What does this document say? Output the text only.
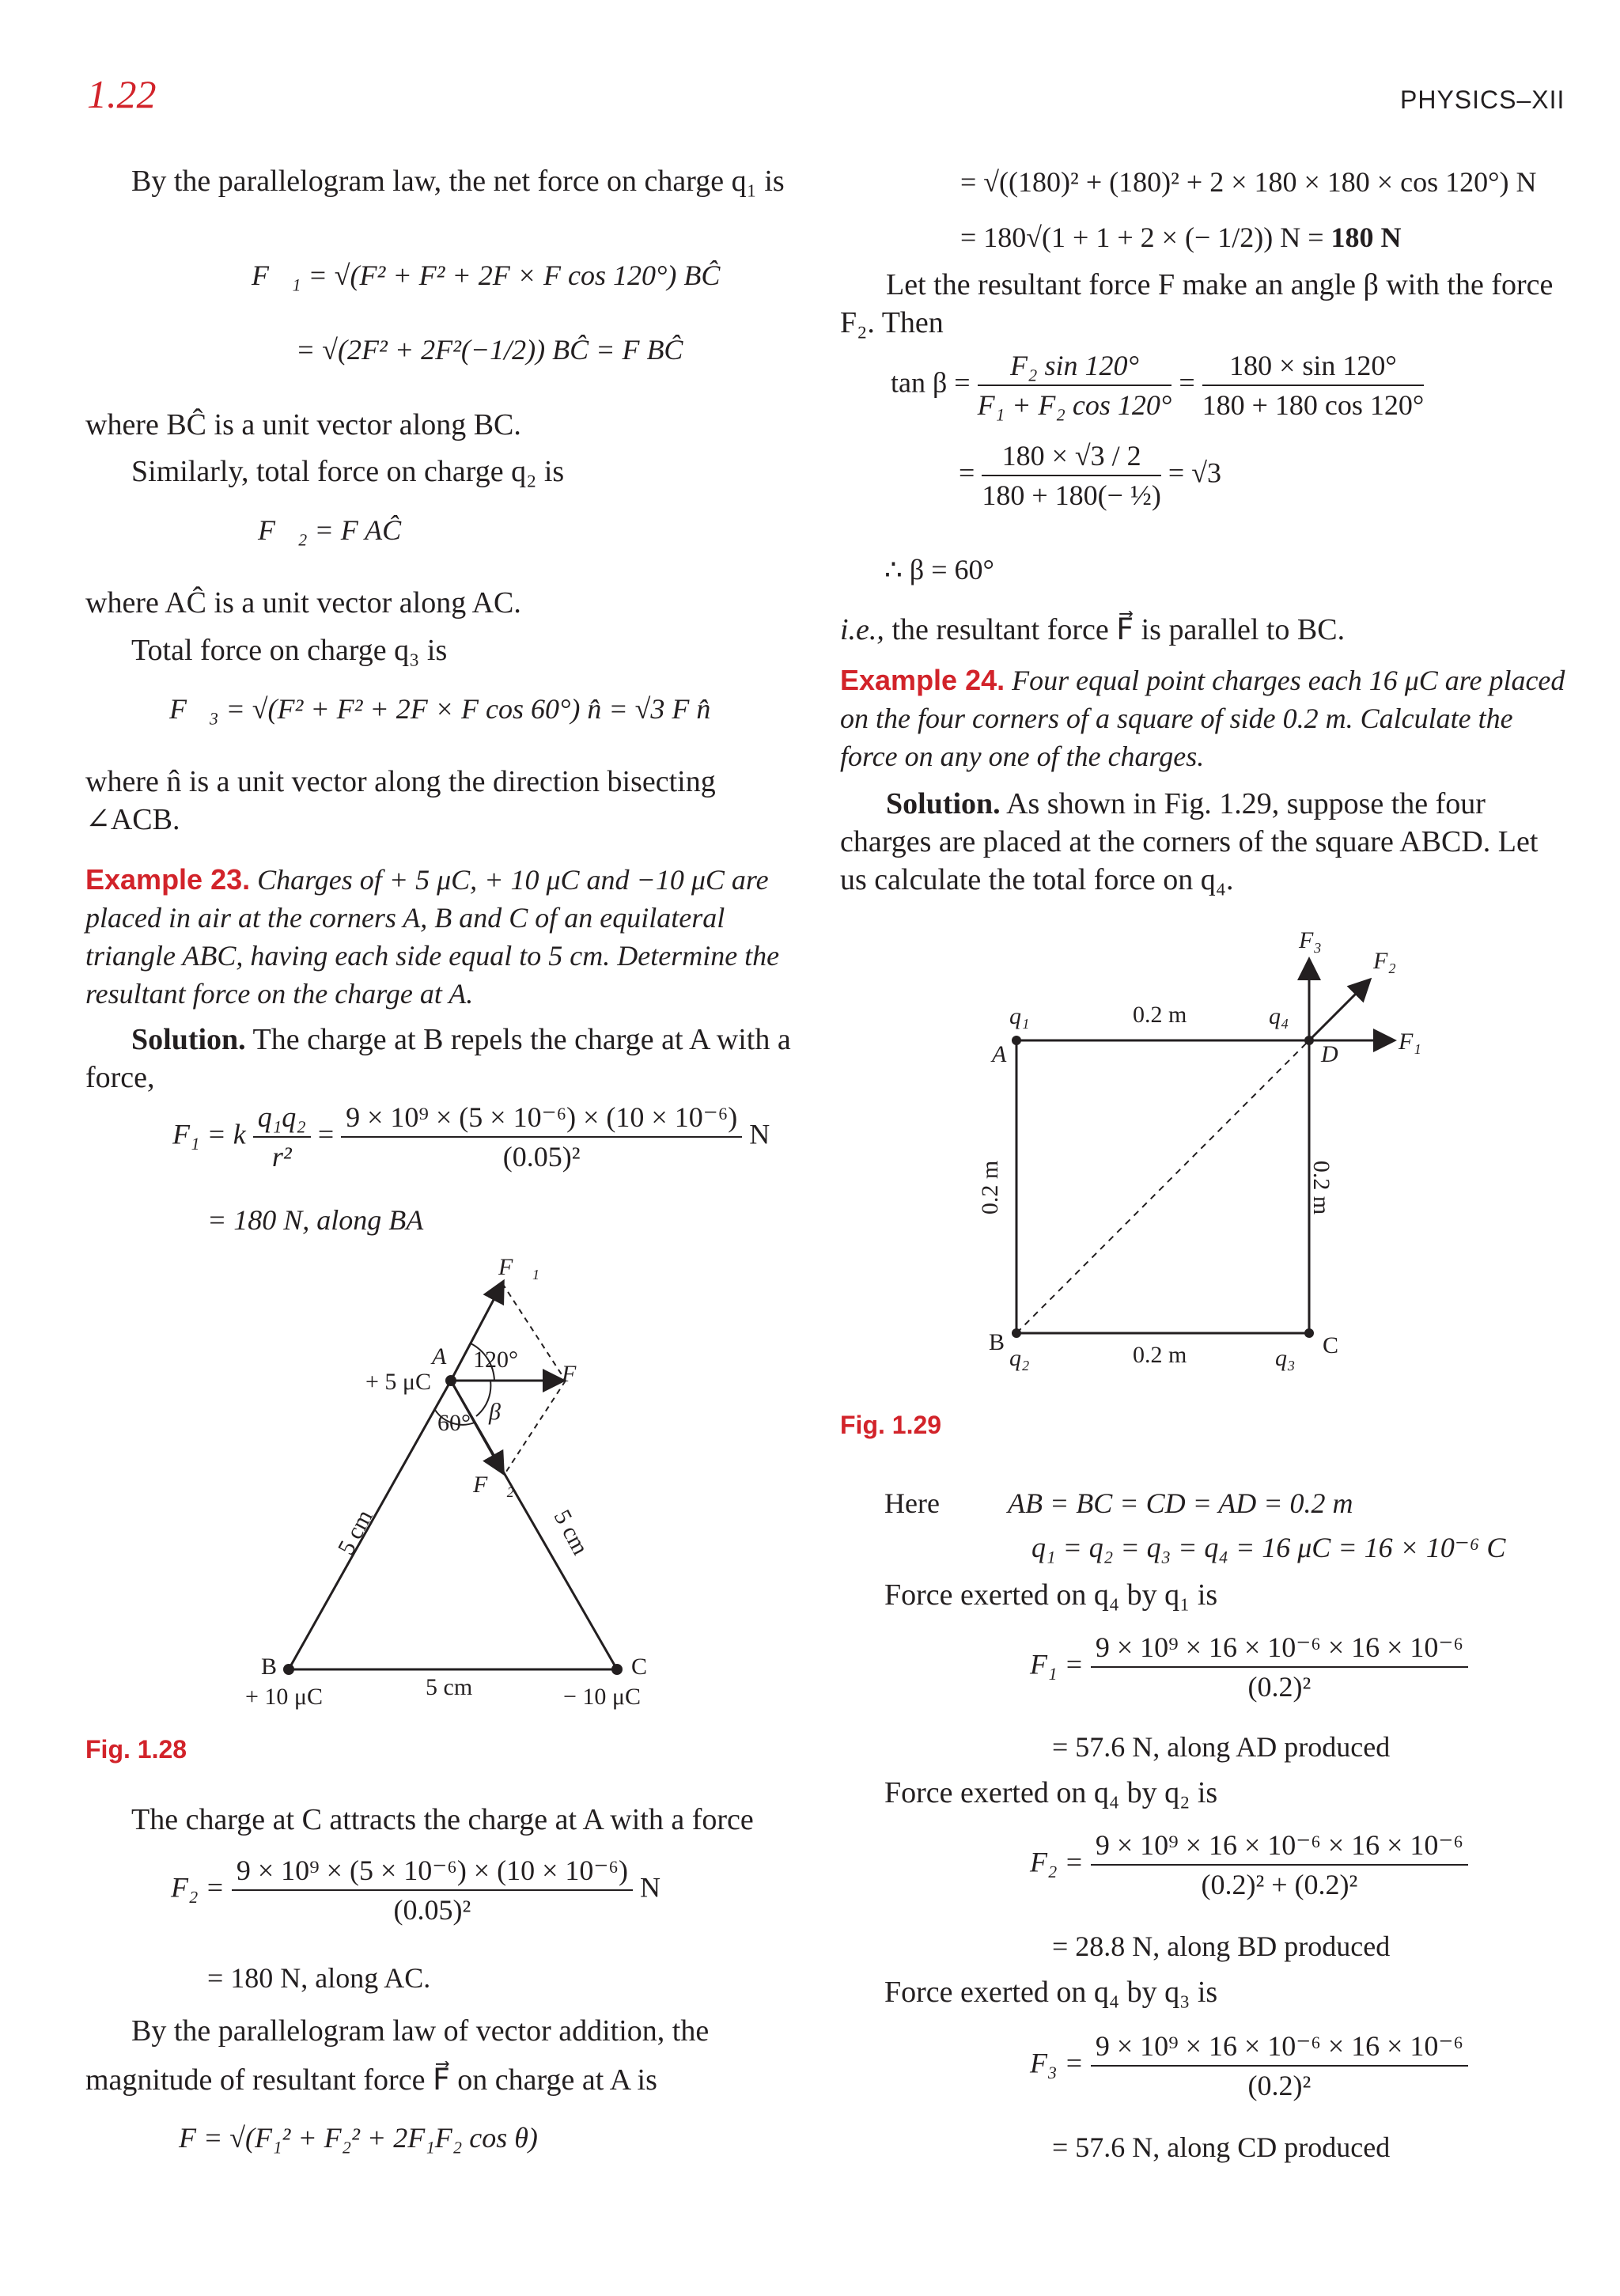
1.22	PHYSICS–XII
By the parallelogram law, the net force on charge q₁ is
F⃗₁ = √(F² + F² + 2F × F cos 120°) BĈ
= √(2F² + 2F²(−1/2)) BĈ = F BĈ
where BĈ is a unit vector along BC.
Similarly, total force on charge q₂ is
F⃗₂ = F AĈ
where AĈ is a unit vector along AC.
Total force on charge q₃ is
F⃗₃ = √(F² + F² + 2F × F cos 60°) n̂ = √3 F n̂
where n̂ is a unit vector along the direction bisecting ∠ACB.
Example 23. Charges of + 5 μC, + 10 μC and −10 μC are placed in air at the corners A, B and C of an equilateral triangle ABC, having each side equal to 5 cm. Determine the resultant force on the charge at A.
Solution. The charge at B repels the charge at A with a force,
F₁ = k $\frac{\text{q₁q₂}}{\text{r²}} = \frac{\text{9 × 10⁹ × (5 × 10⁻⁶) × (10 × 10⁻⁶)}}{\text{(0.05)²}}$ N
= 180 N, along BA
F⃗₁
A
+ 5 μC
120°
F⃗
60° β
F⃗₂
5 cm	5 cm
B	C
+ 10 μC	5 cm	− 10 μC
Fig. 1.28
The charge at C attracts the charge at A with a force
$F_2 = \frac{\text{9 × 10⁹ × (5 × 10⁻⁶) × (10 × 10⁻⁶)}}{\text{(0.05)²}}$ N
= 180 N, along AC.
By the parallelogram law of vector addition, the magnitude of resultant force F⃗ on charge at A is
F = √(F₁² + F₂² + 2F₁F₂ cos θ)
= √((180)² + (180)² + 2 × 180 × 180 × cos 120°) N
= 180√(1 + 1 + 2 × (− 1/2)) N = 180 N
Let the resultant force F make an angle β with the force F₂. Then
$\tan \beta = \frac{\text{F₂ sin 120°}}{\text{F₁ + F₂ cos 120°}} = \frac{180 \times \sin 120^\circ}{180 + 180 \cos 120^\circ}$
= $\frac{180 \times √3 / 2}{\text{180 + 180(− ½)}} = √3$
∴ β = 60°
i.e., the resultant force F⃗ is parallel to BC.
Example 24. Four equal point charges each 16 μC are placed on the four corners of a square of side 0.2 m. Calculate the force on any one of the charges.
Solution. As shown in Fig. 1.29, suppose the four charges are placed at the corners of the square ABCD. Let us calculate the total force on q₄.
F₃
F₂
F₁
q₁	q₄
0.2 m
A	D
0.2 m	0.2 m
B	C
q₂	q₃
0.2 m
Fig. 1.29
Here AB = BC = CD = AD = 0.2 m
q₁ = q₂ = q₃ = q₄ = 16 μC = 16 × 10⁻⁶ C
Force exerted on q₄ by q₁ is
$F_1 = \frac{\text{9 × 10⁹ × 16 × 10⁻⁶ × 16 × 10⁻⁶}}{\text{(0.2)²}}$
= 57.6 N, along AD produced
Force exerted on q₄ by q₂ is
$F_2 = \frac{\text{9 × 10⁹ × 16 × 10⁻⁶ × 16 × 10⁻⁶}}{\text{(0.2)² + (0.2)²}}$
= 28.8 N, along BD produced
Force exerted on q₄ by q₃ is
$F_3 = \frac{\text{9 × 10⁹ × 16 × 10⁻⁶ × 16 × 10⁻⁶}}{\text{(0.2)²}}$
= 57.6 N, along CD produced
